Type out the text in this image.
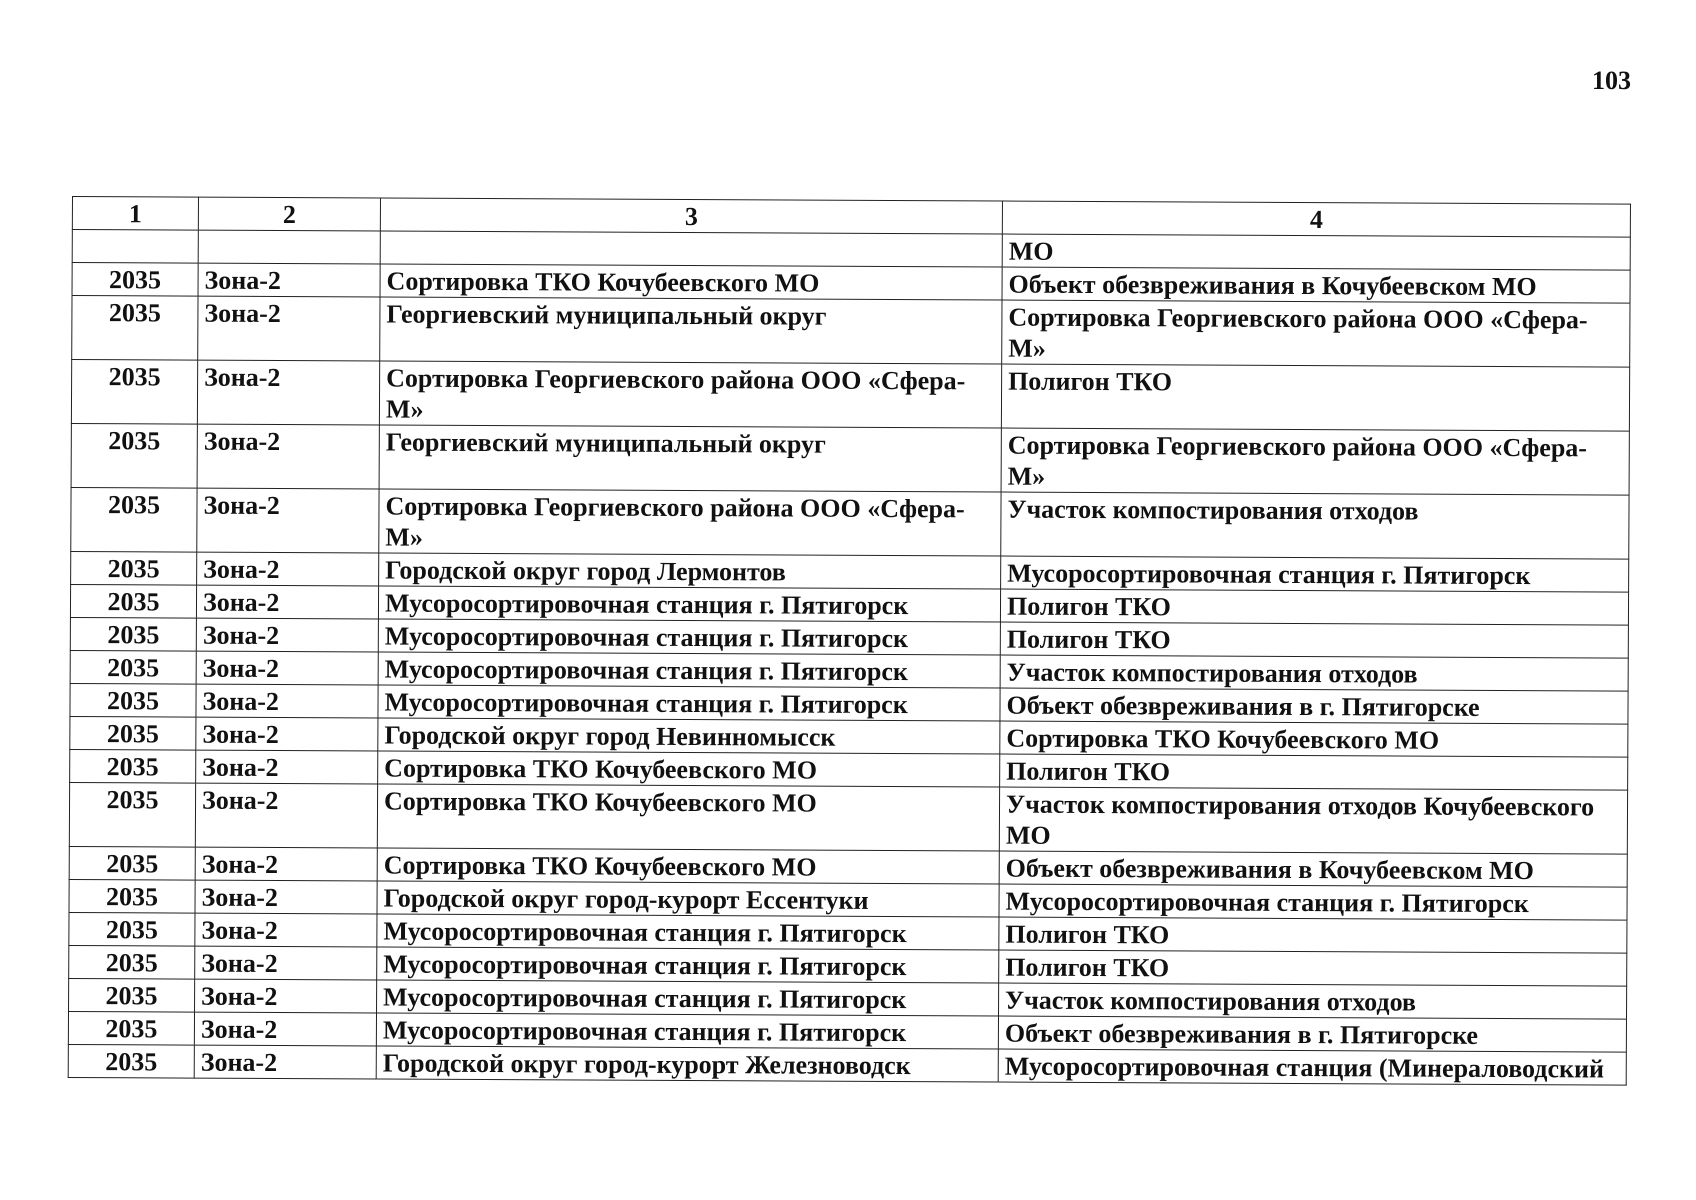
103
1	2	3	4
			МО
2035	Зона-2	Сортировка ТКО Кочубеевского МО	Объект обезвреживания в Кочубеевском МО
2035	Зона-2	Георгиевский муниципальный округ	Сортировка Георгиевского района ООО «Сфера-М»
2035	Зона-2	Сортировка Георгиевского района ООО «Сфера-М»	Полигон ТКО
2035	Зона-2	Георгиевский муниципальный округ	Сортировка Георгиевского района ООО «Сфера-М»
2035	Зона-2	Сортировка Георгиевского района ООО «Сфера-М»	Участок компостирования отходов
2035	Зона-2	Городской округ город Лермонтов	Мусоросортировочная станция г. Пятигорск
2035	Зона-2	Мусоросортировочная станция г. Пятигорск	Полигон ТКО
2035	Зона-2	Мусоросортировочная станция г. Пятигорск	Полигон ТКО
2035	Зона-2	Мусоросортировочная станция г. Пятигорск	Участок компостирования отходов
2035	Зона-2	Мусоросортировочная станция г. Пятигорск	Объект обезвреживания в г. Пятигорске
2035	Зона-2	Городской округ город Невинномысск	Сортировка ТКО Кочубеевского МО
2035	Зона-2	Сортировка ТКО Кочубеевского МО	Полигон ТКО
2035	Зона-2	Сортировка ТКО Кочубеевского МО	Участок компостирования отходов Кочубеевского МО
2035	Зона-2	Сортировка ТКО Кочубеевского МО	Объект обезвреживания в Кочубеевском МО
2035	Зона-2	Городской округ город-курорт Ессентуки	Мусоросортировочная станция г. Пятигорск
2035	Зона-2	Мусоросортировочная станция г. Пятигорск	Полигон ТКО
2035	Зона-2	Мусоросортировочная станция г. Пятигорск	Полигон ТКО
2035	Зона-2	Мусоросортировочная станция г. Пятигорск	Участок компостирования отходов
2035	Зона-2	Мусоросортировочная станция г. Пятигорск	Объект обезвреживания в г. Пятигорске
2035	Зона-2	Городской округ город-курорт Железноводск	Мусоросортировочная станция (Минераловодский
